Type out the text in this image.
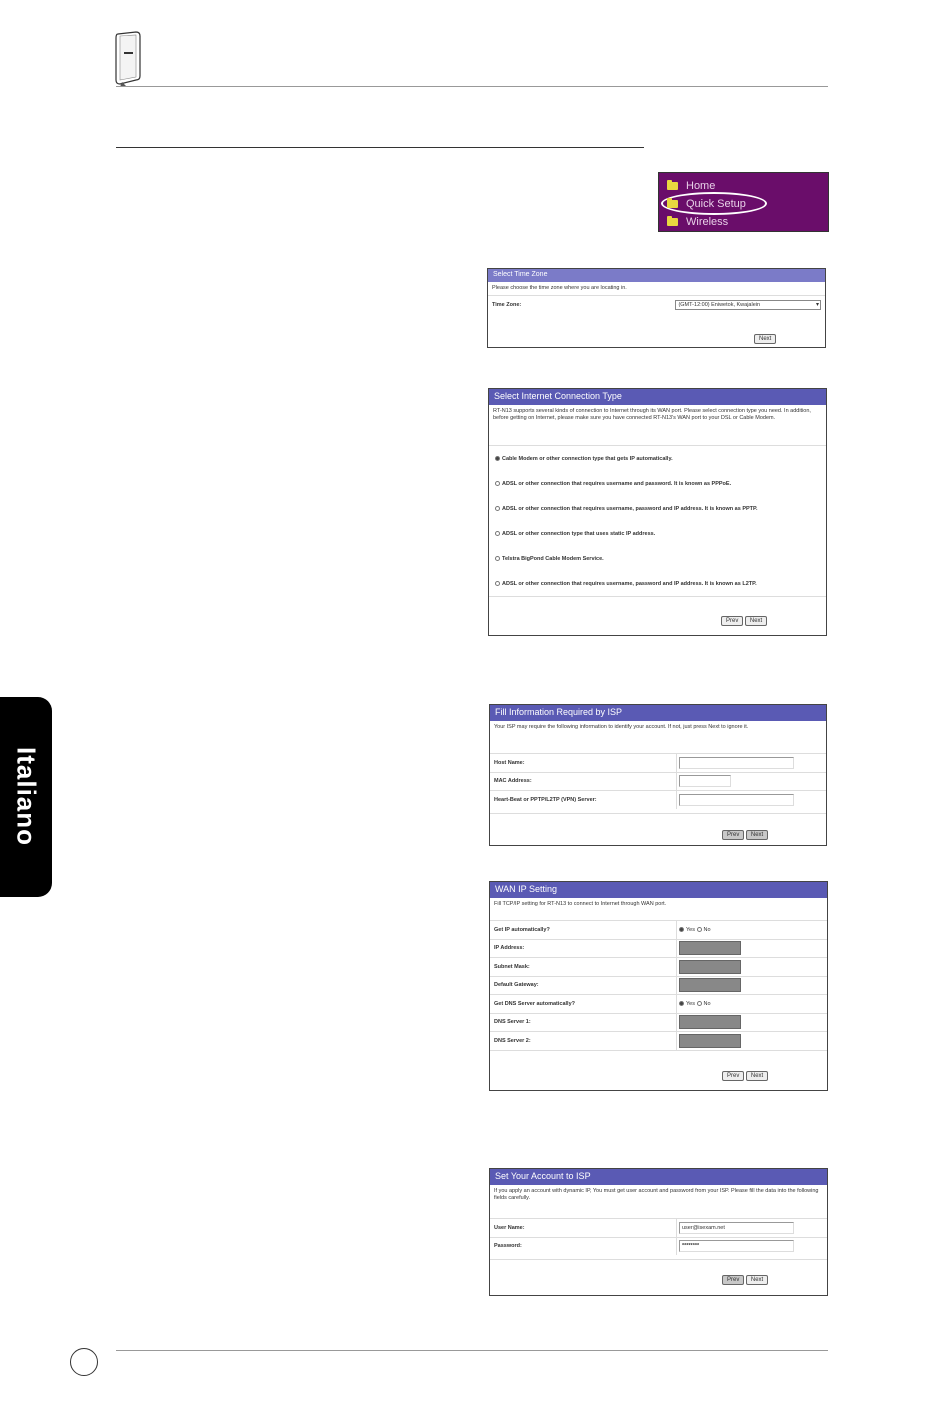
Italiano
Home
Quick Setup
Wireless
Select Time Zone
Please choose the time zone where you are locating in.
Time Zone:	(GMT-12:00) Eniwetok, Kwajalein	▾
Next
Select Internet Connection Type
RT-N13 supports several kinds of connection to Internet through its WAN port. Please select connection type you need. In addition, before getting on Internet, please make sure you have connected RT-N13's WAN port to your DSL or Cable Modem.
Cable Modem or other connection type that gets IP automatically.
ADSL or other connection that requires username and password. It is known as PPPoE.
ADSL or other connection that requires username, password and IP address. It is known as PPTP.
ADSL or other connection type that uses static IP address.
Telstra BigPond Cable Modem Service.
ADSL or other connection that requires username, password and IP address. It is known as L2TP.
Prev Next
Fill Information Required by ISP
Your ISP may require the following information to identify your account. If not, just press Next to ignore it.
Host Name:
MAC Address:
Heart-Beat or PPTP/L2TP (VPN) Server:
Prev Next
WAN IP Setting
Fill TCP/IP setting for RT-N13 to connect to Internet through WAN port.
Get IP automatically?	Yes
No
IP Address:
Subnet Mask:
Default Gateway:
Get DNS Server automatically?	Yes
No
DNS Server 1:
DNS Server 2:
Prev Next
Set Your Account to ISP
If you apply an account with dynamic IP, You must get user account and password from your ISP. Please fill the data into the following fields carefully.
User Name:	user@isexam.net
Password:	********
Prev Next
